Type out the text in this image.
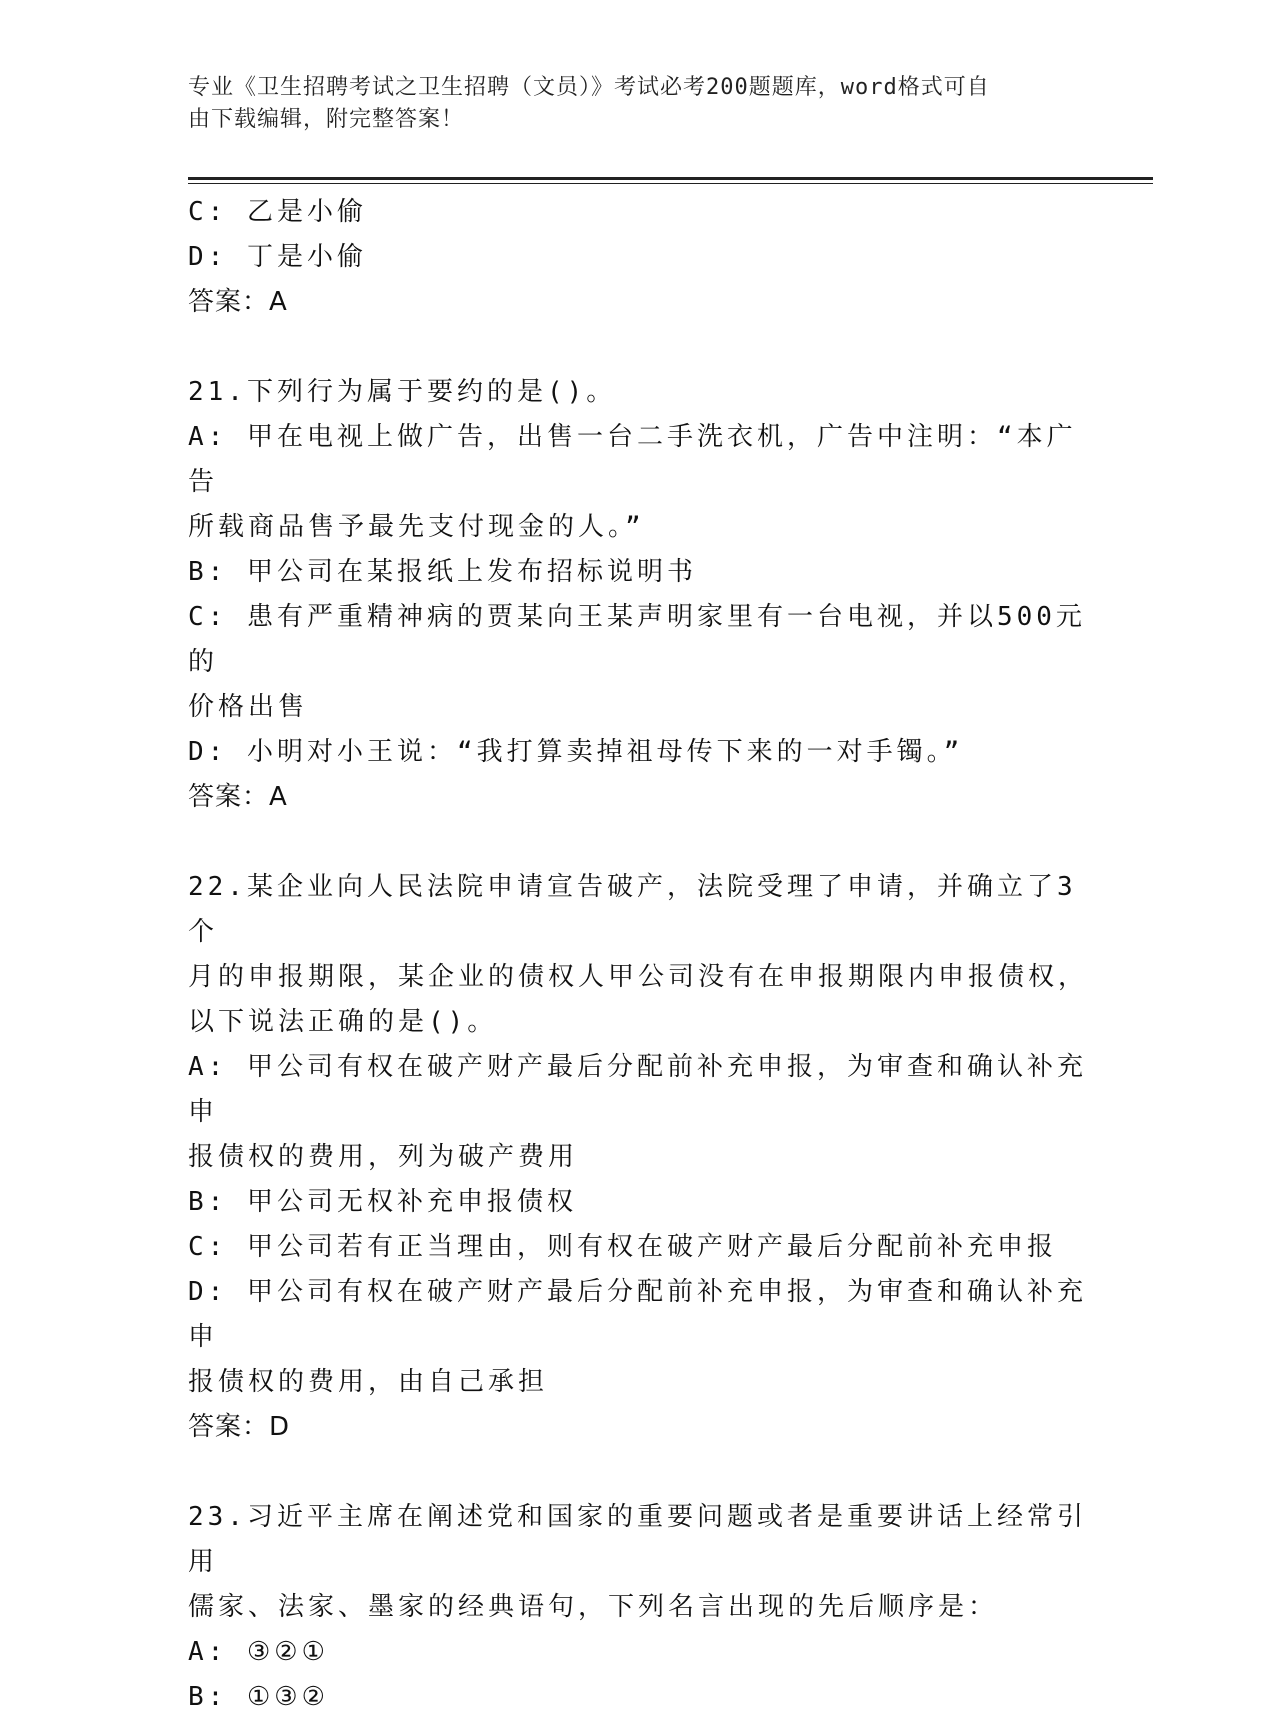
专业《卫生招聘考试之卫生招聘（文员）》考试必考200题题库，word格式可自
由下载编辑，附完整答案！
C: 乙是小偷
D: 丁是小偷
答案：A
21.下列行为属于要约的是()。
A: 甲在电视上做广告，出售一台二手洗衣机，广告中注明：“本广告
所载商品售予最先支付现金的人。”
B: 甲公司在某报纸上发布招标说明书
C: 患有严重精神病的贾某向王某声明家里有一台电视，并以500元的
价格出售
D: 小明对小王说：“我打算卖掉祖母传下来的一对手镯。”
答案：A
22.某企业向人民法院申请宣告破产，法院受理了申请，并确立了3个
月的申报期限，某企业的债权人甲公司没有在申报期限内申报债权，
以下说法正确的是()。
A: 甲公司有权在破产财产最后分配前补充申报，为审查和确认补充申
报债权的费用，列为破产费用
B: 甲公司无权补充申报债权
C: 甲公司若有正当理由，则有权在破产财产最后分配前补充申报
D: 甲公司有权在破产财产最后分配前补充申报，为审查和确认补充申
报债权的费用，由自己承担
答案：D
23.习近平主席在阐述党和国家的重要问题或者是重要讲话上经常引用
儒家、法家、墨家的经典语句，下列名言出现的先后顺序是：
A: ③②①
B: ①③②
